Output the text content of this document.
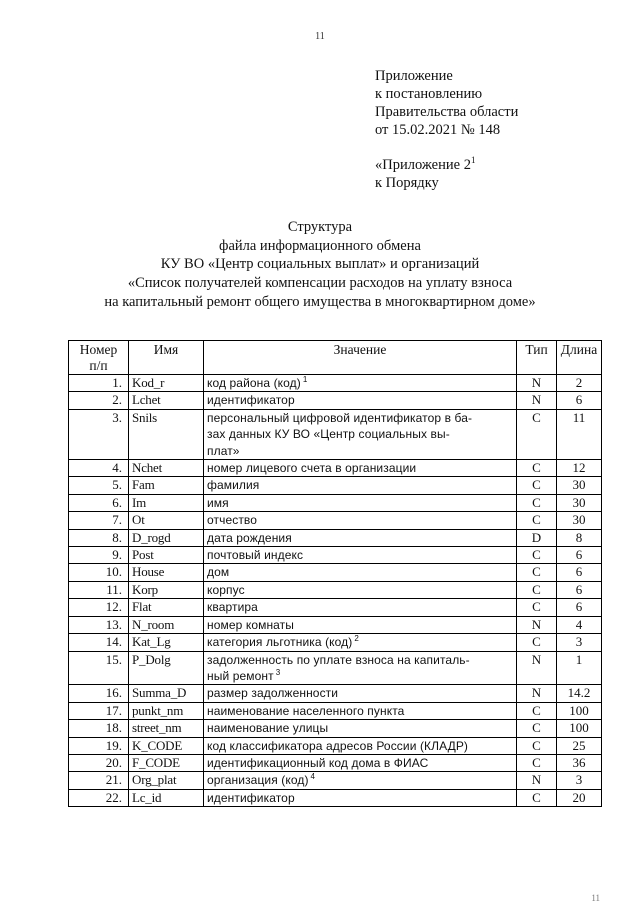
11
Приложение
к постановлению
Правительства области
от 15.02.2021 № 148
«Приложение $2^1$
к Порядку
Структура
файла информационного обмена
КУ ВО «Центр социальных выплат» и организаций
«Список получателей компенсации расходов на уплату взноса
на капитальный ремонт общего имущества в многоквартирном доме»
Номер
п/п	Имя	Значение	Тип	Длина
1.	Kod_r	код района (код) $^1$	N	2
2.	Lchet	идентификатор	N	6
3.	Snils	персональный цифровой идентификатор в ба-
зах данных КУ ВО «Центр социальных вы-
плат»	C	11
4.	Nchet	номер лицевого счета в организации	C	12
5.	Fam	фамилия	C	30
6.	Im	имя	C	30
7.	Ot	отчество	C	30
8.	D_rogd	дата рождения	D	8
9.	Post	почтовый индекс	C	6
10.	House	дом	C	6
11.	Korp	корпус	C	6
12.	Flat	квартира	C	6
13.	N_room	номер комнаты	N	4
14.	Kat_Lg	категория льготника (код) $^2$	C	3
15.	P_Dolg	задолженность по уплате взноса на капиталь-
ный ремонт $^3$	N	1
16.	Summa_D	размер задолженности	N	14.2
17.	punkt_nm	наименование населенного пункта	C	100
18.	street_nm	наименование улицы	C	100
19.	K_CODE	код классификатора адресов России (КЛАДР)	C	25
20.	F_CODE	идентификационный код дома в ФИАС	C	36
21.	Org_plat	организация (код) $^4$	N	3
22.	Lc_id	идентификатор	C	20
11
